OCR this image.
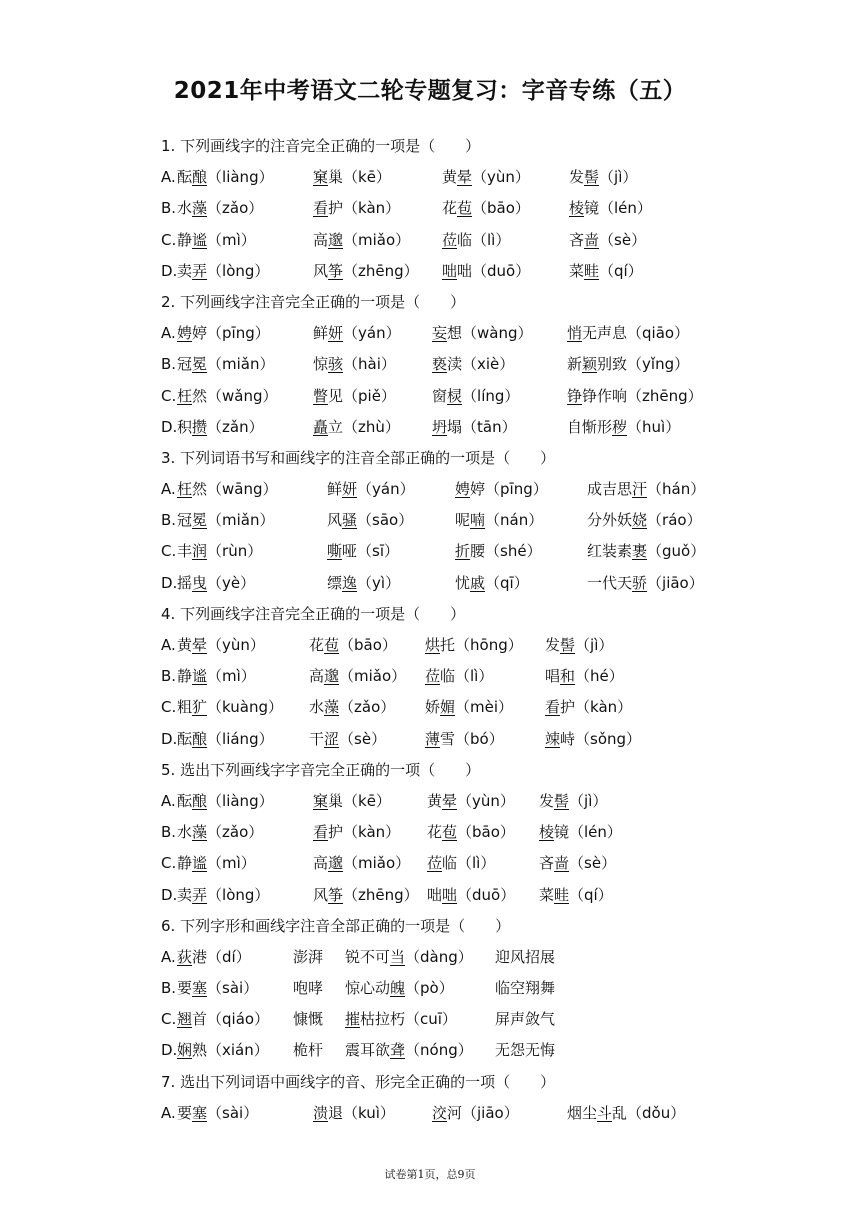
2021年中考语文二轮专题复习：字音专练（五）
1. 下列画线字的注音完全正确的一项是（　　）
A. 酝酿（liàng）	窠巢（kē）	黄晕（yùn）	发髻（jì）
B. 水藻（zǎo）	看护（kàn）	花苞（bāo）	棱镜（lén）
C. 静谧（mì）	高邈（miǎo） 莅临（lì）	吝啬（sè）
D. 卖弄（lòng）	风筝（zhēng） 咄咄（duō）	菜畦（qí）
2. 下列画线字注音完全正确的一项是（　　）
A. 娉婷（pīng）	鲜妍（yán） 妄想（wàng） 悄无声息（qiāo）
B. 冠冕（miǎn）	惊骇（hài） 亵渎（xiè）	新颖别致（yǐng）
C. 枉然（wǎng） 瞥见（piě） 窗棂（líng）	铮铮作响（zhēng）
D. 积攒（zǎn）	矗立（zhù） 坍塌（tān）	自惭形秽（huì）
3. 下列词语书写和画线字的注音全部正确的一项是（　　）
A. 枉然（wāng）	鲜妍（yán）	娉婷（pīng）	成吉思汗（hán）
B. 冠冕（miǎn）	风骚（sāo）	呢喃（nán）	分外妖娆（ráo）
C. 丰润（rùn）	嘶哑（sī）	折腰（shé）	红装素裹（guǒ）
D. 摇曳（yè）	缥逸（yì）	忧戚（qī）	一代天骄（jiāo）
4. 下列画线字注音完全正确的一项是（　　）
A. 黄晕（yùn）	花苞（bāo） 烘托（hōng） 发髻（jì）
B. 静谧（mì）	高邈（miǎo） 莅临（lì）	唱和（hé）
C. 粗犷（kuàng） 水藻（zǎo） 娇媚（mèi） 看护（kàn）
D. 酝酿（liáng） 干涩（sè）	薄雪（bó）	竦峙（sǒng）
5. 选出下列画线字字音完全正确的一项（　　）
A. 酝酿（liàng）	窠巢（kē） 黄晕（yùn） 发髻（jì）
B. 水藻（zǎo）	看护（kàn） 花苞（bāo） 棱镜（lén）
C. 静谧（mì）	高邈（miǎo） 莅临（lì）	吝啬（sè）
D. 卖弄（lòng）	风筝（zhēng） 咄咄（duō） 菜畦（qí）
6. 下列字形和画线字注音全部正确的一项是（　　）
A. 荻港（dí）	澎湃 锐不可当（dàng） 迎风招展
B. 要塞（sài） 咆哮 惊心动魄（pò）	临空翔舞
C. 翘首（qiáo） 慷慨 摧枯拉朽（cuī）	屏声敛气
D. 娴熟（xián） 桅杆 震耳欲聋（nóng） 无怨无悔
7. 选出下列词语中画线字的音、形完全正确的一项（　　）
A. 要塞（sài）	溃退（kuì） 洨河（jiāo）	烟尘斗乱（dǒu）
试卷第1页，总9页
